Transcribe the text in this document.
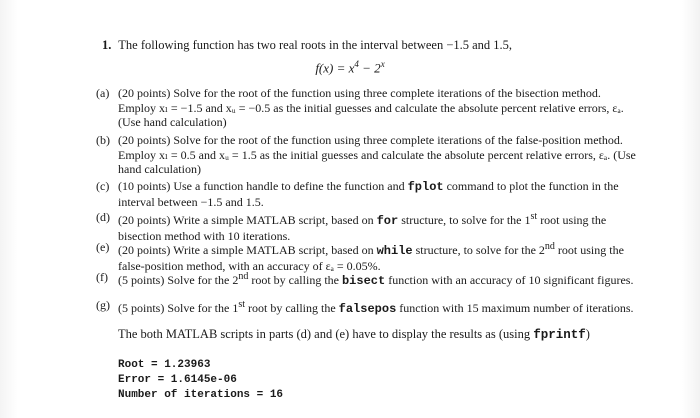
1. The following function has two real roots in the interval between −1.5 and 1.5,
$f(x) = x^4 - 2^x$
(a) (20 points) Solve for the root of the function using three complete iterations of the bisection method. Employ xₗ = −1.5 and xᵤ = −0.5 as the initial guesses and calculate the absolute percent relative errors, εₐ. (Use hand calculation)
(b) (20 points) Solve for the root of the function using three complete iterations of the false-position method. Employ xₗ = 0.5 and xᵤ = 1.5 as the initial guesses and calculate the absolute percent relative errors, εₐ. (Use hand calculation)
(c) (10 points) Use a function handle to define the function and fplot command to plot the function in the interval between −1.5 and 1.5.
(d) (20 points) Write a simple MATLAB script, based on for structure, to solve for the 1st root using the bisection method with 10 iterations.
(e) (20 points) Write a simple MATLAB script, based on while structure, to solve for the 2nd root using the false-position method, with an accuracy of εₐ = 0.05%.
(f) (5 points) Solve for the 2nd root by calling the bisect function with an accuracy of 10 significant figures.
(g) (5 points) Solve for the 1st root by calling the falsepos function with 15 maximum number of iterations.
The both MATLAB scripts in parts (d) and (e) have to display the results as (using fprintf)
Root = 1.23963
Error = 1.6145e-06
Number of iterations = 16
